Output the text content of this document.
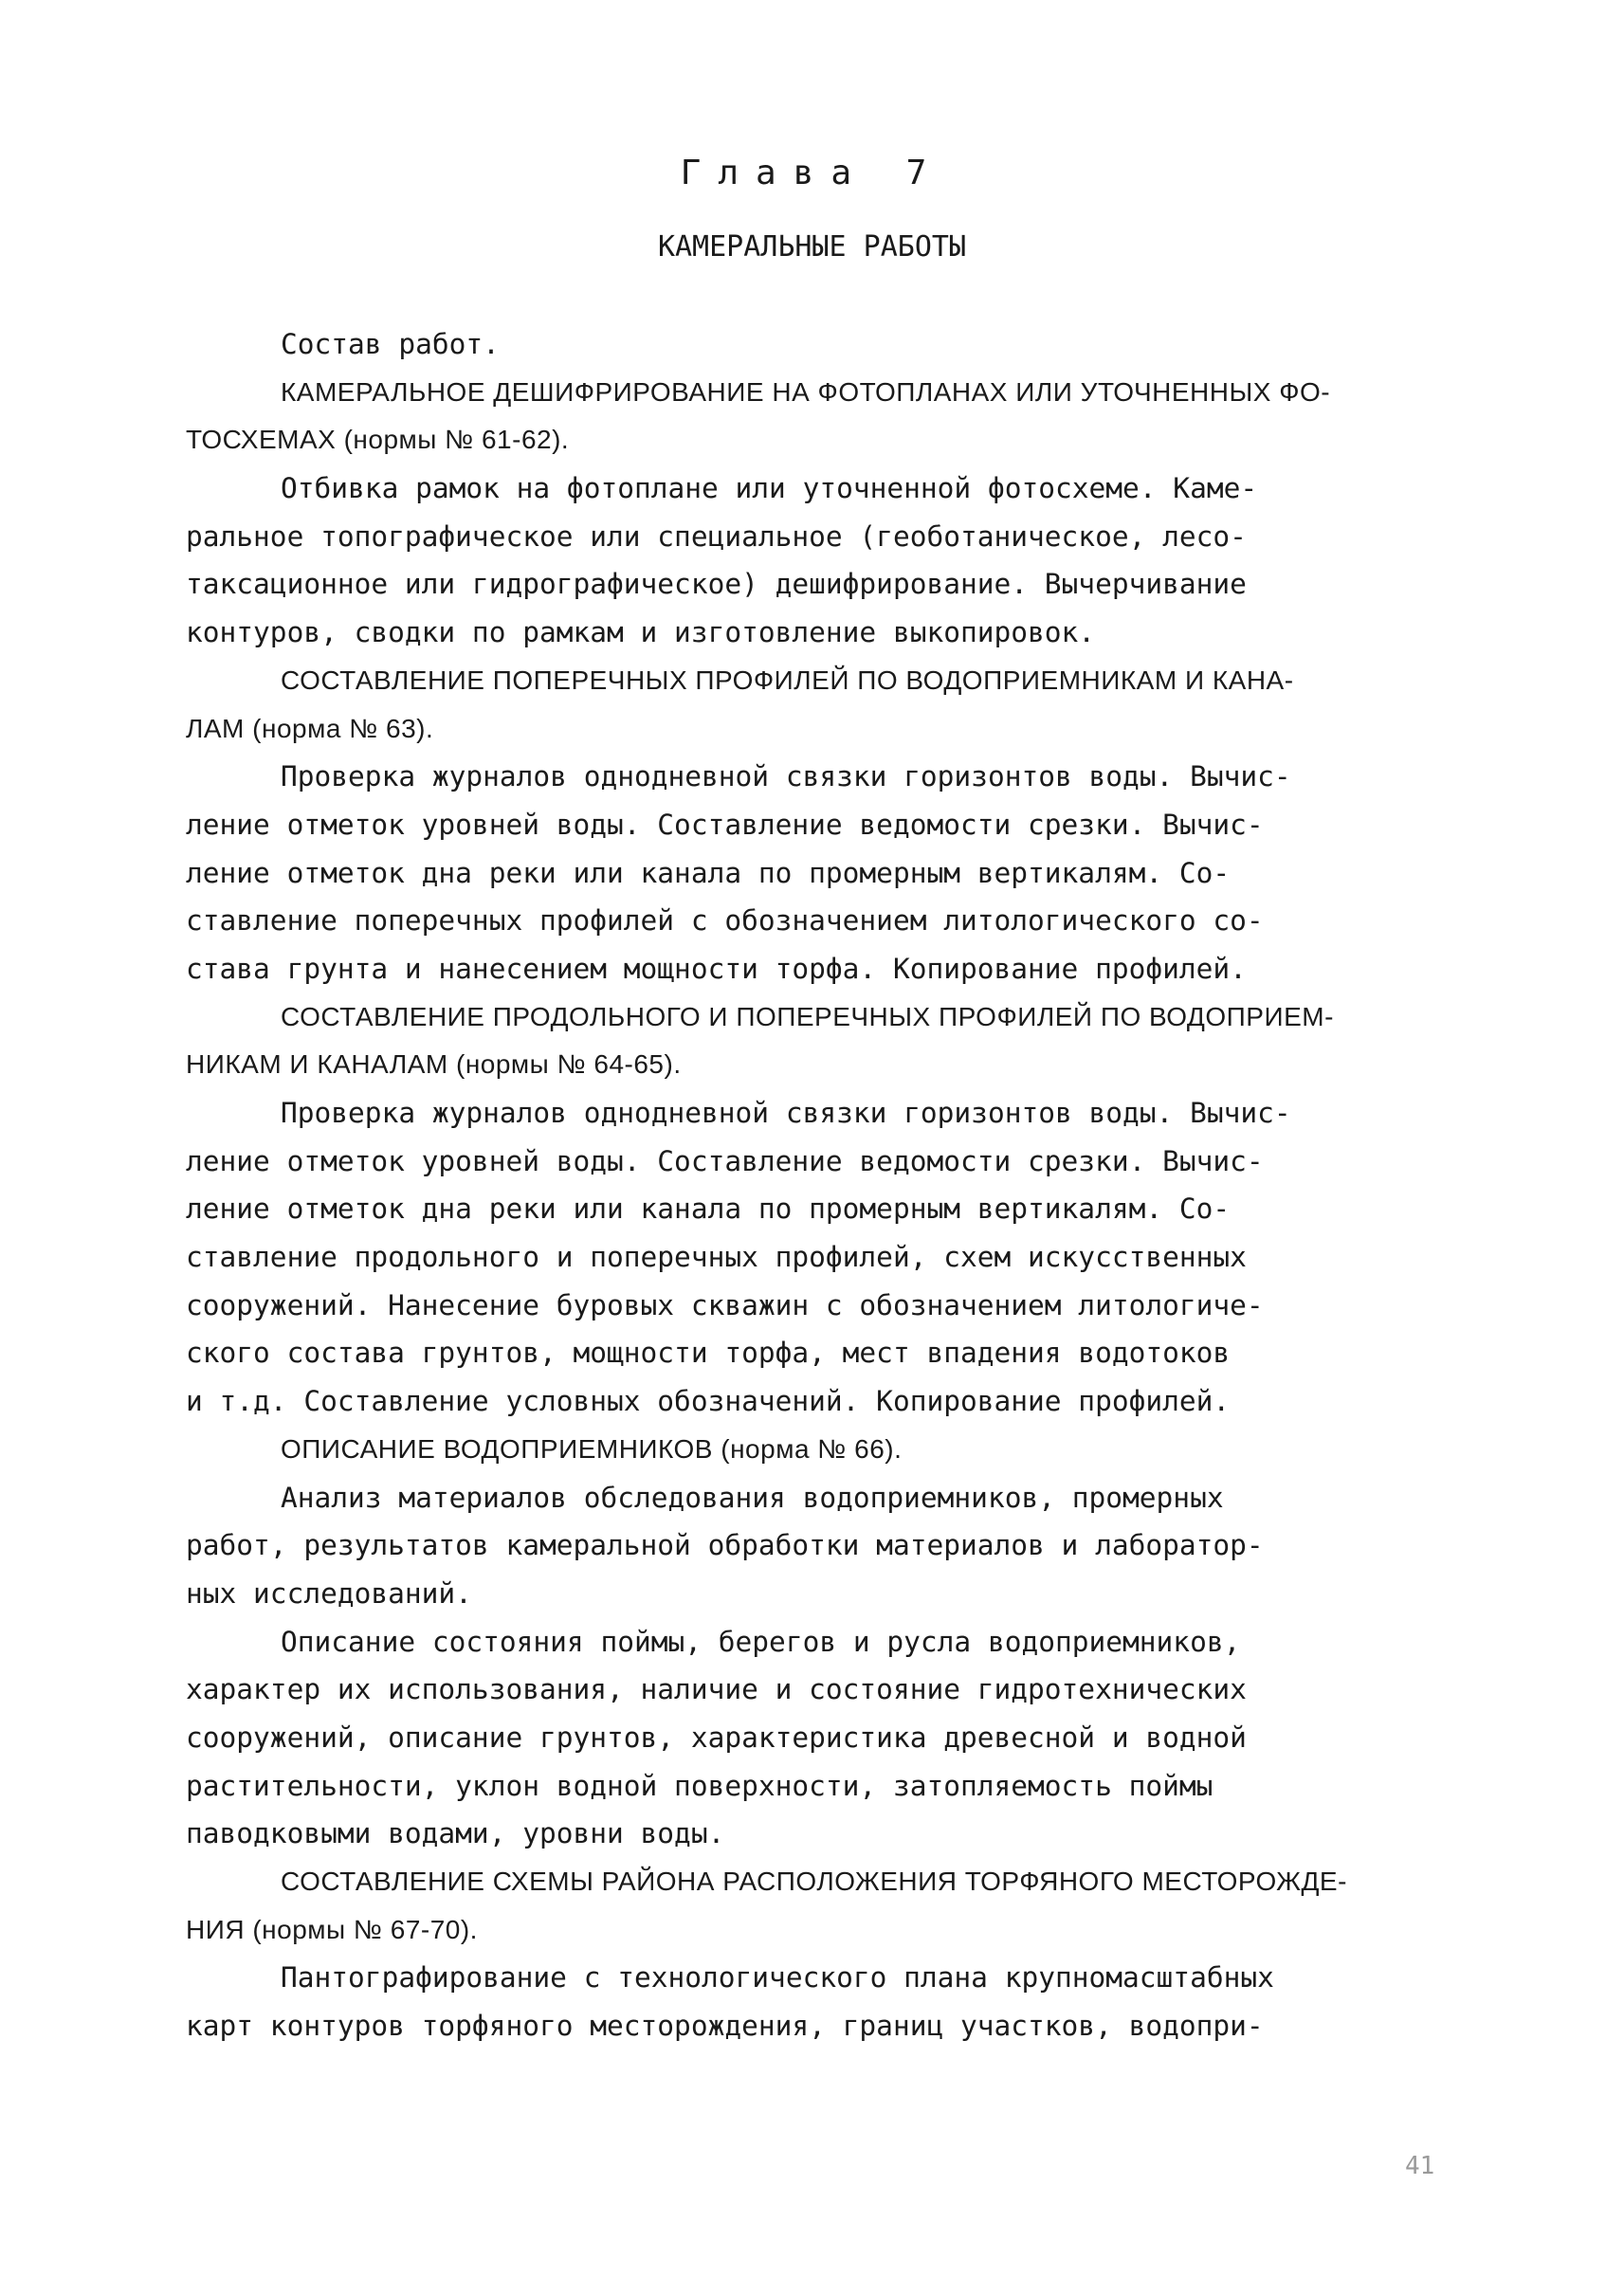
Глава 7
КАМЕРАЛЬНЫЕ РАБОТЫ
Состав работ.
КАМЕРАЛЬНОЕ ДЕШИФРИРОВАНИЕ НА ФОТОПЛАНАХ ИЛИ УТОЧНЕННЫХ ФО-
ТОСХЕМАХ (нормы № 61-62).
Отбивка рамок на фотоплане или уточненной фотосхеме. Каме-
ральное топографическое или специальное (геоботаническое, лесо-
таксационное или гидрографическое) дешифрирование. Вычерчивание
контуров, сводки по рамкам и изготовление выкопировок.
СОСТАВЛЕНИЕ ПОПЕРЕЧНЫХ ПРОФИЛЕЙ ПО ВОДОПРИЕМНИКАМ И КАНА-
ЛАМ (норма № 63).
Проверка журналов однодневной связки горизонтов воды. Вычис-
ление отметок уровней воды. Составление ведомости срезки. Вычис-
ление отметок дна реки или канала по промерным вертикалям. Со-
ставление поперечных профилей с обозначением литологического со-
става грунта и нанесением мощности торфа. Копирование профилей.
СОСТАВЛЕНИЕ ПРОДОЛЬНОГО И ПОПЕРЕЧНЫХ ПРОФИЛЕЙ ПО ВОДОПРИЕМ-
НИКАМ И КАНАЛАМ (нормы № 64-65).
Проверка журналов однодневной связки горизонтов воды. Вычис-
ление отметок уровней воды. Составление ведомости срезки. Вычис-
ление отметок дна реки или канала по промерным вертикалям. Со-
ставление продольного и поперечных профилей, схем искусственных
сооружений. Нанесение буровых скважин с обозначением литологиче-
ского состава грунтов, мощности торфа, мест впадения водотоков
и т.д. Составление условных обозначений. Копирование профилей.
ОПИСАНИЕ ВОДОПРИЕМНИКОВ (норма № 66).
Анализ материалов обследования водоприемников, промерных
работ, результатов камеральной обработки материалов и лаборатор-
ных исследований.
Описание состояния поймы, берегов и русла водоприемников,
характер их использования, наличие и состояние гидротехнических
сооружений, описание грунтов, характеристика древесной и водной
растительности, уклон водной поверхности, затопляемость поймы
паводковыми водами, уровни воды.
СОСТАВЛЕНИЕ СХЕМЫ РАЙОНА РАСПОЛОЖЕНИЯ ТОРФЯНОГО МЕСТОРОЖДЕ-
НИЯ (нормы № 67-70).
Пантографирование с технологического плана крупномасштабных
карт контуров торфяного месторождения, границ участков, водопри-
41
